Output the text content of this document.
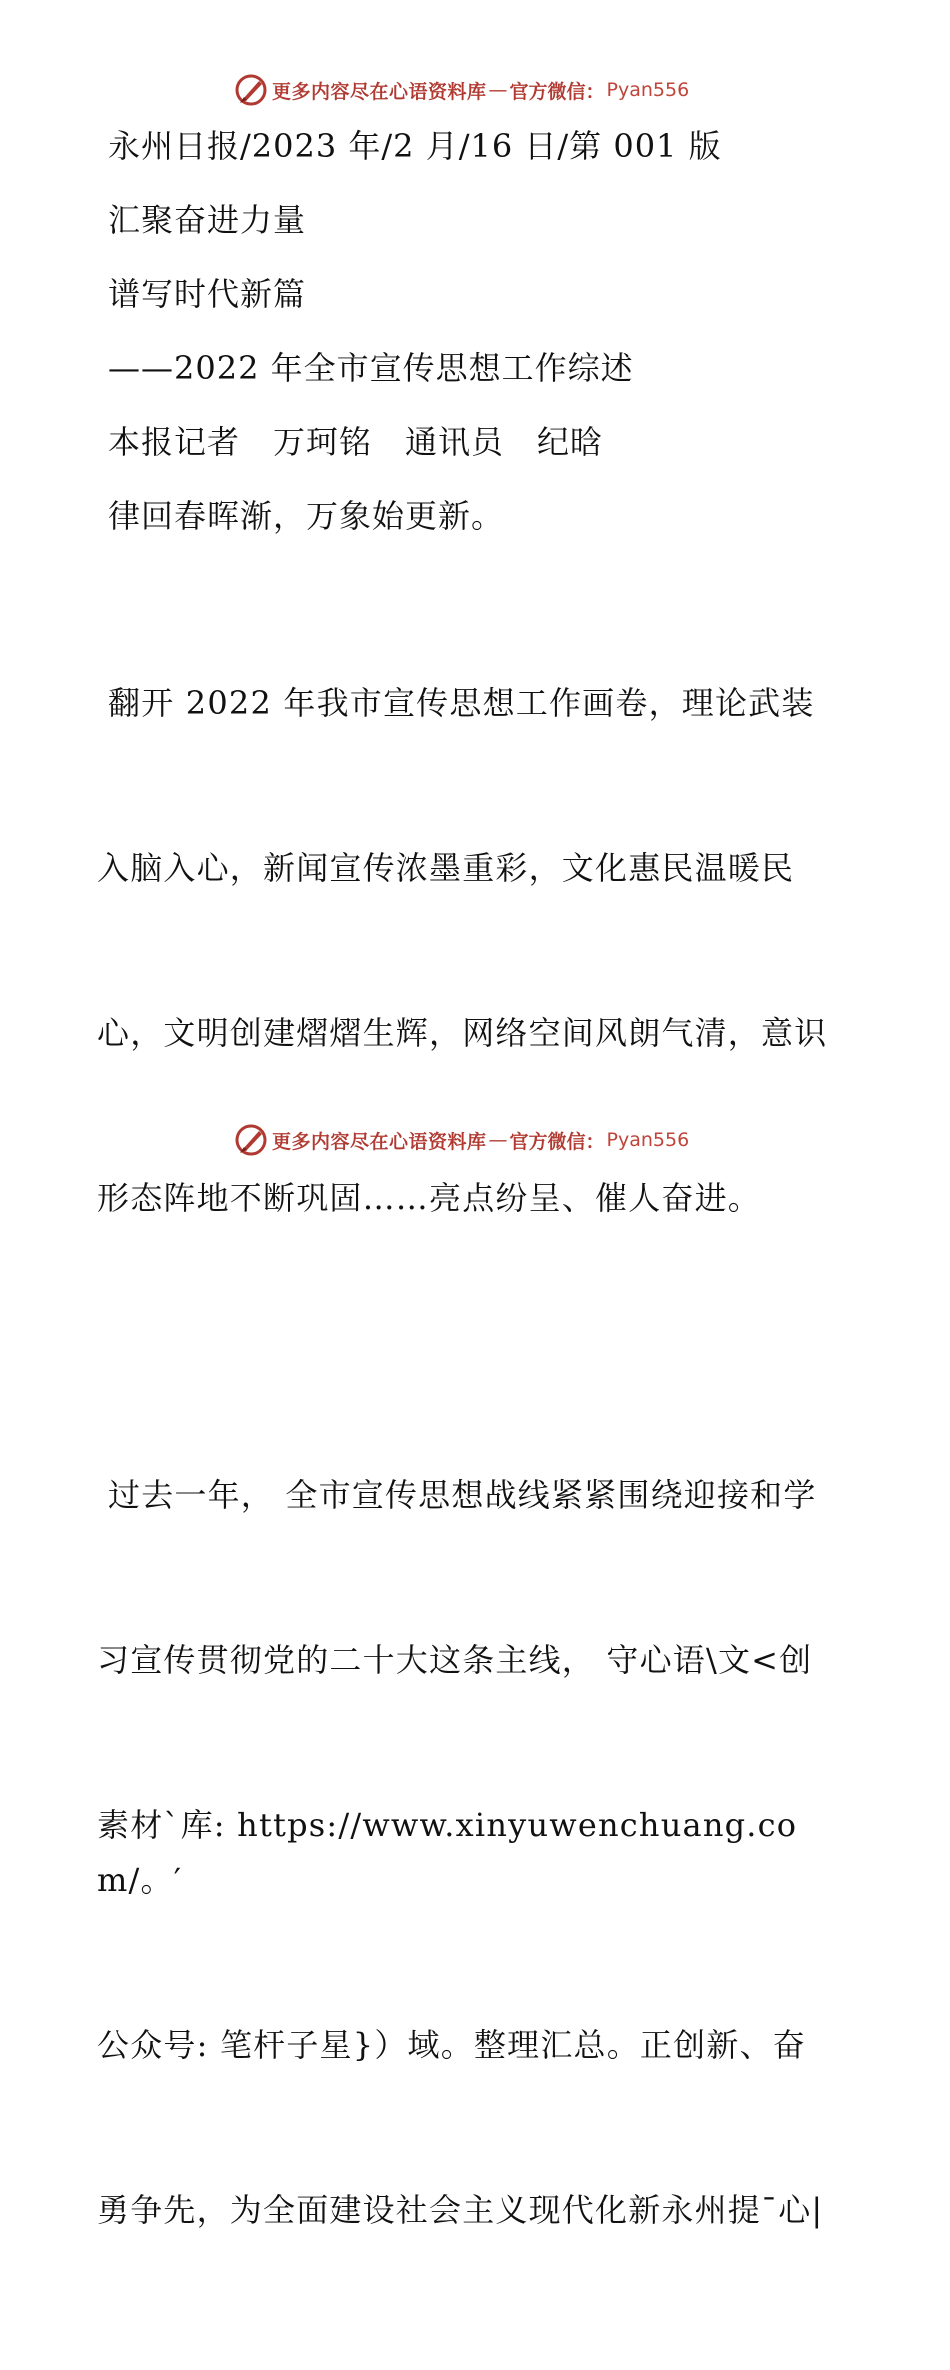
更多内容尽在心语资料库 — 官方微信： Pyan556
永州日报/2023 年/2 月/16 日/第 001 版
汇聚奋进力量
谱写时代新篇
——2022 年全市宣传思想工作综述
本报记者　万珂铭　通讯员　纪晗
律回春晖渐，万象始更新。

翻开 2022 年我市宣传思想工作画卷，理论武装

入脑入心，新闻宣传浓墨重彩，文化惠民温暖民

心，文明创建熠熠生辉，网络空间风朗气清，意识

形态阵地不断巩固……亮点纷呈、催人奋进。

过去一年， 全市宣传思想战线紧紧围绕迎接和学

习宣传贯彻党的二十大这条主线， 守心语\文<创

素材`库: https://www.xinyuwenchuang.com/。′

公众号: 笔杆子星}）域。整理汇总。正创新、奋

勇争先，为全面建设社会主义现代化新永州提¯心|

更多内容尽在心语资料库 — 官方微信： Pyan556
